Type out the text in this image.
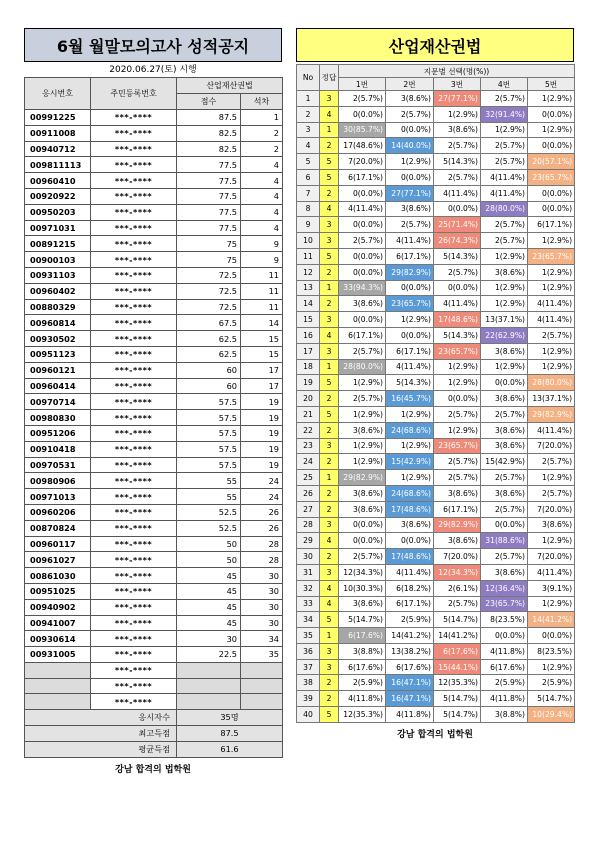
6월 월말모의고사 성적공지
2020.06.27(토) 시행
응시번호	주민등록번호	산업재산권법	
		점수	석차
00991225	***-****	87.5	1
00911008	***-****	82.5	2
00940712	***-****	82.5	2
009811113	***-****	77.5	4
00960410	***-****	77.5	4
00920922	***-****	77.5	4
00950203	***-****	77.5	4
00971031	***-****	77.5	4
00891215	***-****	75	9
00900103	***-****	75	9
00931103	***-****	72.5	11
00960402	***-****	72.5	11
00880329	***-****	72.5	11
00960814	***-****	67.5	14
00930502	***-****	62.5	15
00951123	***-****	62.5	15
00960121	***-****	60	17
00960414	***-****	60	17
00970714	***-****	57.5	19
00980830	***-****	57.5	19
00951206	***-****	57.5	19
00910418	***-****	57.5	19
00970531	***-****	57.5	19
00980906	***-****	55	24
00971013	***-****	55	24
00960206	***-****	52.5	26
00870824	***-****	52.5	26
00960117	***-****	50	28
00961027	***-****	50	28
00861030	***-****	45	30
00951025	***-****	45	30
00940902	***-****	45	30
00941007	***-****	45	30
00930614	***-****	30	34
00931005	***-****	22.5	35
	***-****		
	***-****		
	***-****		
응시자수		35명	
최고득점		87.5	
평균득점		61.6	
강남 합격의 법학원
산업재산권법
No	정답	지문별 선택(명(%))				
		1번	2번	3번	4번	5번
1	3	2(5.7%)	3(8.6%)	27(77.1%)	2(5.7%)	1(2.9%)
2	4	0(0.0%)	2(5.7%)	1(2.9%)	32(91.4%)	0(0.0%)
3	1	30(85.7%)	0(0.0%)	3(8.6%)	1(2.9%)	1(2.9%)
4	2	17(48.6%)	14(40.0%)	2(5.7%)	2(5.7%)	0(0.0%)
5	5	7(20.0%)	1(2.9%)	5(14.3%)	2(5.7%)	20(57.1%)
6	5	6(17.1%)	0(0.0%)	2(5.7%)	4(11.4%)	23(65.7%)
7	2	0(0.0%)	27(77.1%)	4(11.4%)	4(11.4%)	0(0.0%)
8	4	4(11.4%)	3(8.6%)	0(0.0%)	28(80.0%)	0(0.0%)
9	3	0(0.0%)	2(5.7%)	25(71.4%)	2(5.7%)	6(17.1%)
10	3	2(5.7%)	4(11.4%)	26(74.3%)	2(5.7%)	1(2.9%)
11	5	0(0.0%)	6(17.1%)	5(14.3%)	1(2.9%)	23(65.7%)
12	2	0(0.0%)	29(82.9%)	2(5.7%)	3(8.6%)	1(2.9%)
13	1	33(94.3%)	0(0.0%)	0(0.0%)	1(2.9%)	1(2.9%)
14	2	3(8.6%)	23(65.7%)	4(11.4%)	1(2.9%)	4(11.4%)
15	3	0(0.0%)	1(2.9%)	17(48.6%)	13(37.1%)	4(11.4%)
16	4	6(17.1%)	0(0.0%)	5(14.3%)	22(62.9%)	2(5.7%)
17	3	2(5.7%)	6(17.1%)	23(65.7%)	3(8.6%)	1(2.9%)
18	1	28(80.0%)	4(11.4%)	1(2.9%)	1(2.9%)	1(2.9%)
19	5	1(2.9%)	5(14.3%)	1(2.9%)	0(0.0%)	28(80.0%)
20	2	2(5.7%)	16(45.7%)	0(0.0%)	3(8.6%)	13(37.1%)
21	5	1(2.9%)	1(2.9%)	2(5.7%)	2(5.7%)	29(82.9%)
22	2	3(8.6%)	24(68.6%)	1(2.9%)	3(8.6%)	4(11.4%)
23	3	1(2.9%)	1(2.9%)	23(65.7%)	3(8.6%)	7(20.0%)
24	2	1(2.9%)	15(42.9%)	2(5.7%)	15(42.9%)	2(5.7%)
25	1	29(82.9%)	1(2.9%)	2(5.7%)	2(5.7%)	1(2.9%)
26	2	3(8.6%)	24(68.6%)	3(8.6%)	3(8.6%)	2(5.7%)
27	2	3(8.6%)	17(48.6%)	6(17.1%)	2(5.7%)	7(20.0%)
28	3	0(0.0%)	3(8.6%)	29(82.9%)	0(0.0%)	3(8.6%)
29	4	0(0.0%)	0(0.0%)	3(8.6%)	31(88.6%)	1(2.9%)
30	2	2(5.7%)	17(48.6%)	7(20.0%)	2(5.7%)	7(20.0%)
31	3	12(34.3%)	4(11.4%)	12(34.3%)	3(8.6%)	4(11.4%)
32	4	10(30.3%)	6(18.2%)	2(6.1%)	12(36.4%)	3(9.1%)
33	4	3(8.6%)	6(17.1%)	2(5.7%)	23(65.7%)	1(2.9%)
34	5	5(14.7%)	2(5.9%)	5(14.7%)	8(23.5%)	14(41.2%)
35	1	6(17.6%)	14(41.2%)	14(41.2%)	0(0.0%)	0(0.0%)
36	3	3(8.8%)	13(38.2%)	6(17.6%)	4(11.8%)	8(23.5%)
37	3	6(17.6%)	6(17.6%)	15(44.1%)	6(17.6%)	1(2.9%)
38	2	2(5.9%)	16(47.1%)	12(35.3%)	2(5.9%)	2(5.9%)
39	2	4(11.8%)	16(47.1%)	5(14.7%)	4(11.8%)	5(14.7%)
40	5	12(35.3%)	4(11.8%)	5(14.7%)	3(8.8%)	10(29.4%)
강남 합격의 법학원
